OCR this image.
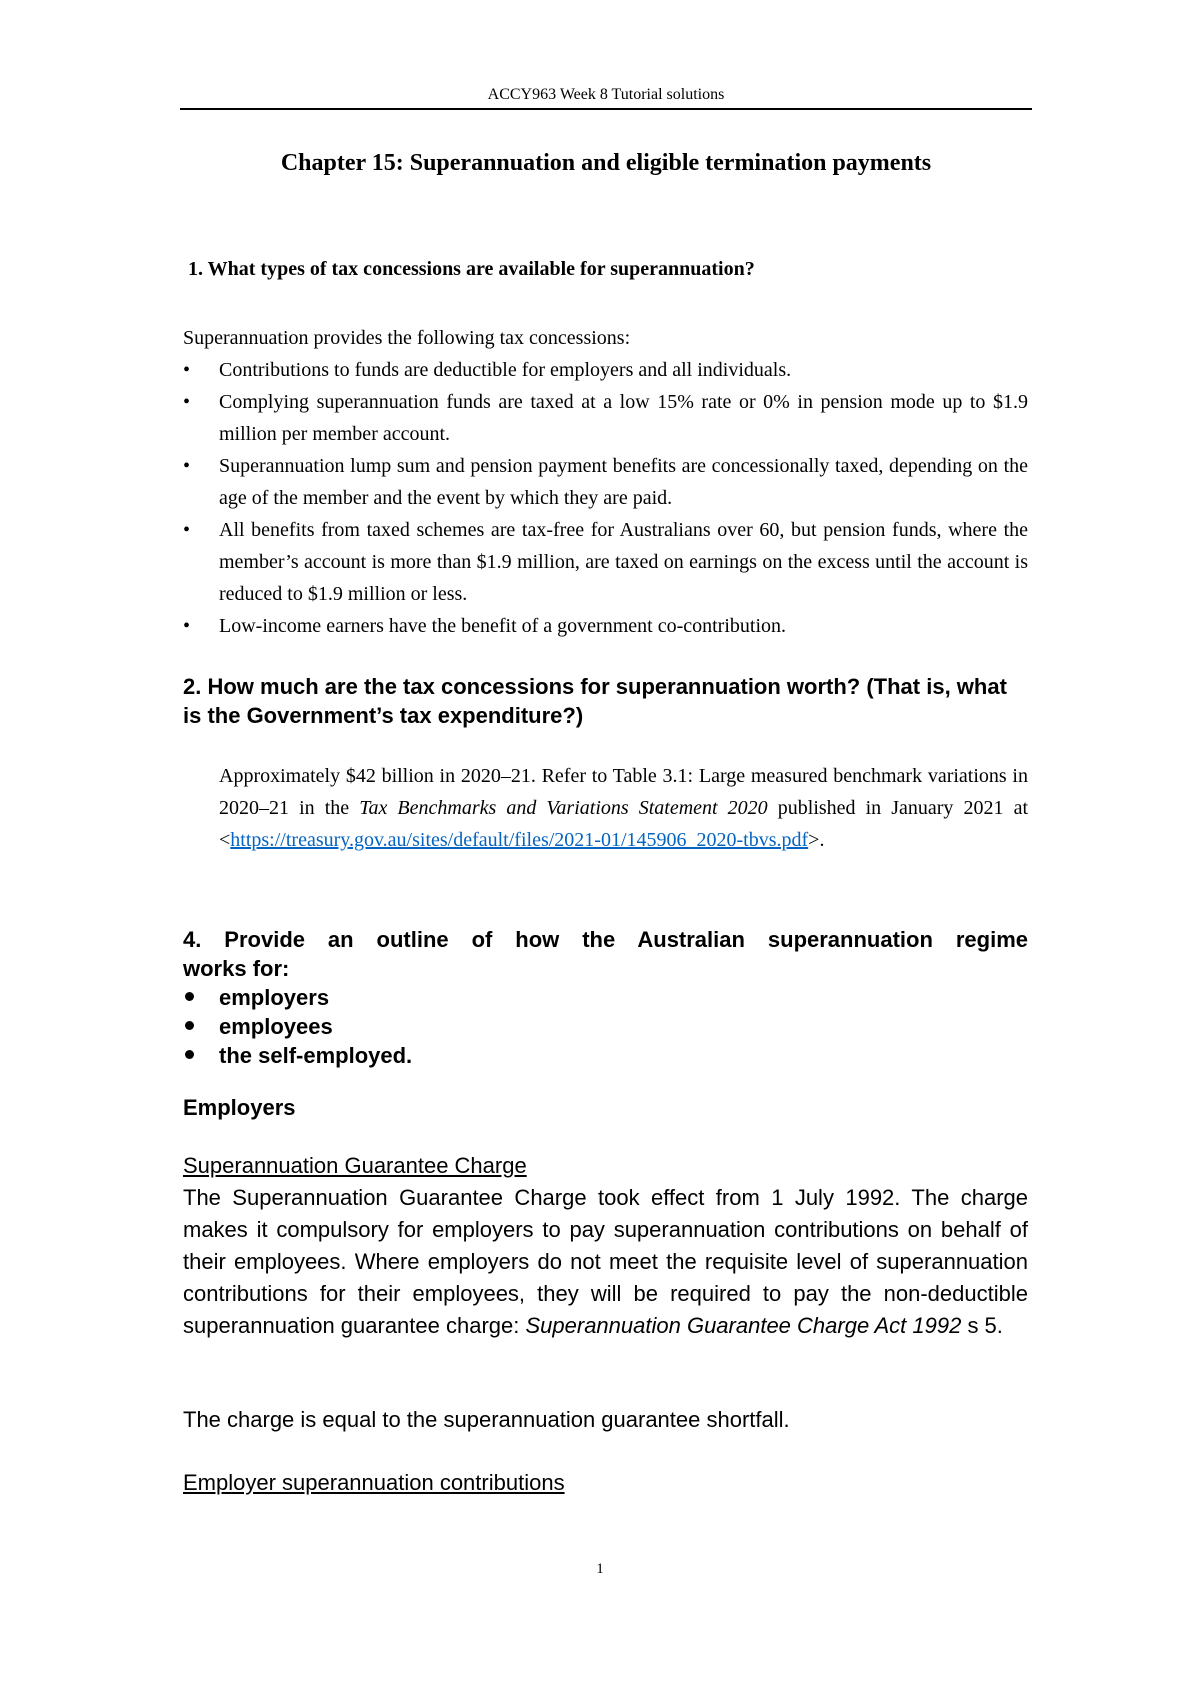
ACCY963 Week 8 Tutorial solutions
Chapter 15: Superannuation and eligible termination payments

1. What types of tax concessions are available for superannuation?

Superannuation provides the following tax concessions:

•	Contributions to funds are deductible for employers and all individuals.
•	Complying superannuation funds are taxed at a low 15% rate or 0% in pension mode up to $1.9 million per member account.
•	Superannuation lump sum and pension payment benefits are concessionally taxed, depending on the age of the member and the event by which they are paid.
•	All benefits from taxed schemes are tax-free for Australians over 60, but pension funds, where the member’s account is more than $1.9 million, are taxed on earnings on the excess until the account is reduced to $1.9 million or less.
•	Low-income earners have the benefit of a government co-contribution.

2. How much are the tax concessions for superannuation worth? (That is, what is the Government’s tax expenditure?)

Approximately $42 billion in 2020–21. Refer to Table 3.1: Large measured benchmark variations in 2020–21 in the Tax Benchmarks and Variations Statement 2020 published in January 2021 at
<https://treasury.gov.au/sites/default/files/2021-01/145906_2020-tbvs.pdf>.

4. Provide an outline of how the Australian superannuation regime
works for:

employers
employees
the self-employed.
Employers

Superannuation Guarantee Charge

The Superannuation Guarantee Charge took effect from 1 July 1992. The charge makes it compulsory for employers to pay superannuation contributions on behalf of their employees. Where employers do not meet the requisite level of superannuation contributions for their employees, they will be required to pay the non-deductible superannuation guarantee charge: Superannuation Guarantee Charge Act 1992 s 5.

The charge is equal to the superannuation guarantee shortfall.

Employer superannuation contributions

1
